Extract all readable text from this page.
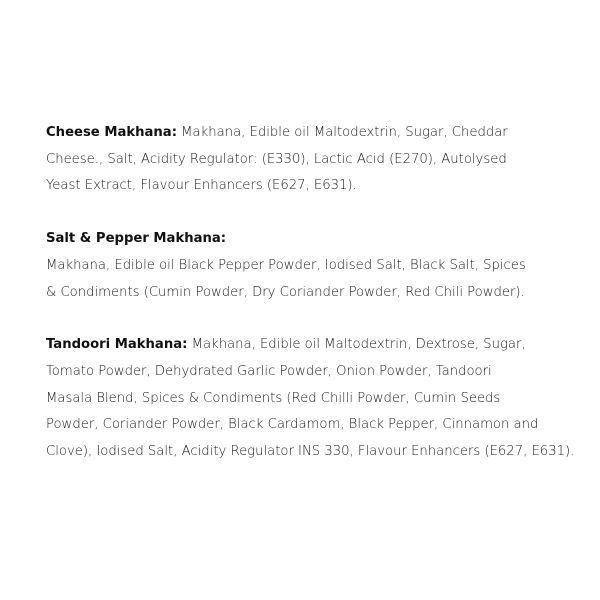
Cheese Makhana: Makhana, Edible oil Maltodextrin, Sugar, Cheddar
Cheese., Salt, Acidity Regulator: (E330), Lactic Acid (E270), Autolysed
Yeast Extract, Flavour Enhancers (E627, E631).
Salt & Pepper Makhana:
Makhana, Edible oil Black Pepper Powder, Iodised Salt, Black Salt, Spices
& Condiments (Cumin Powder, Dry Coriander Powder, Red Chili Powder).
Tandoori Makhana: Makhana, Edible oil Maltodextrin, Dextrose, Sugar,
Tomato Powder, Dehydrated Garlic Powder, Onion Powder, Tandoori
Masala Blend, Spices & Condiments (Red Chilli Powder, Cumin Seeds
Powder, Coriander Powder, Black Cardamom, Black Pepper, Cinnamon and
Clove), Iodised Salt, Acidity Regulator INS 330, Flavour Enhancers (E627, E631).
